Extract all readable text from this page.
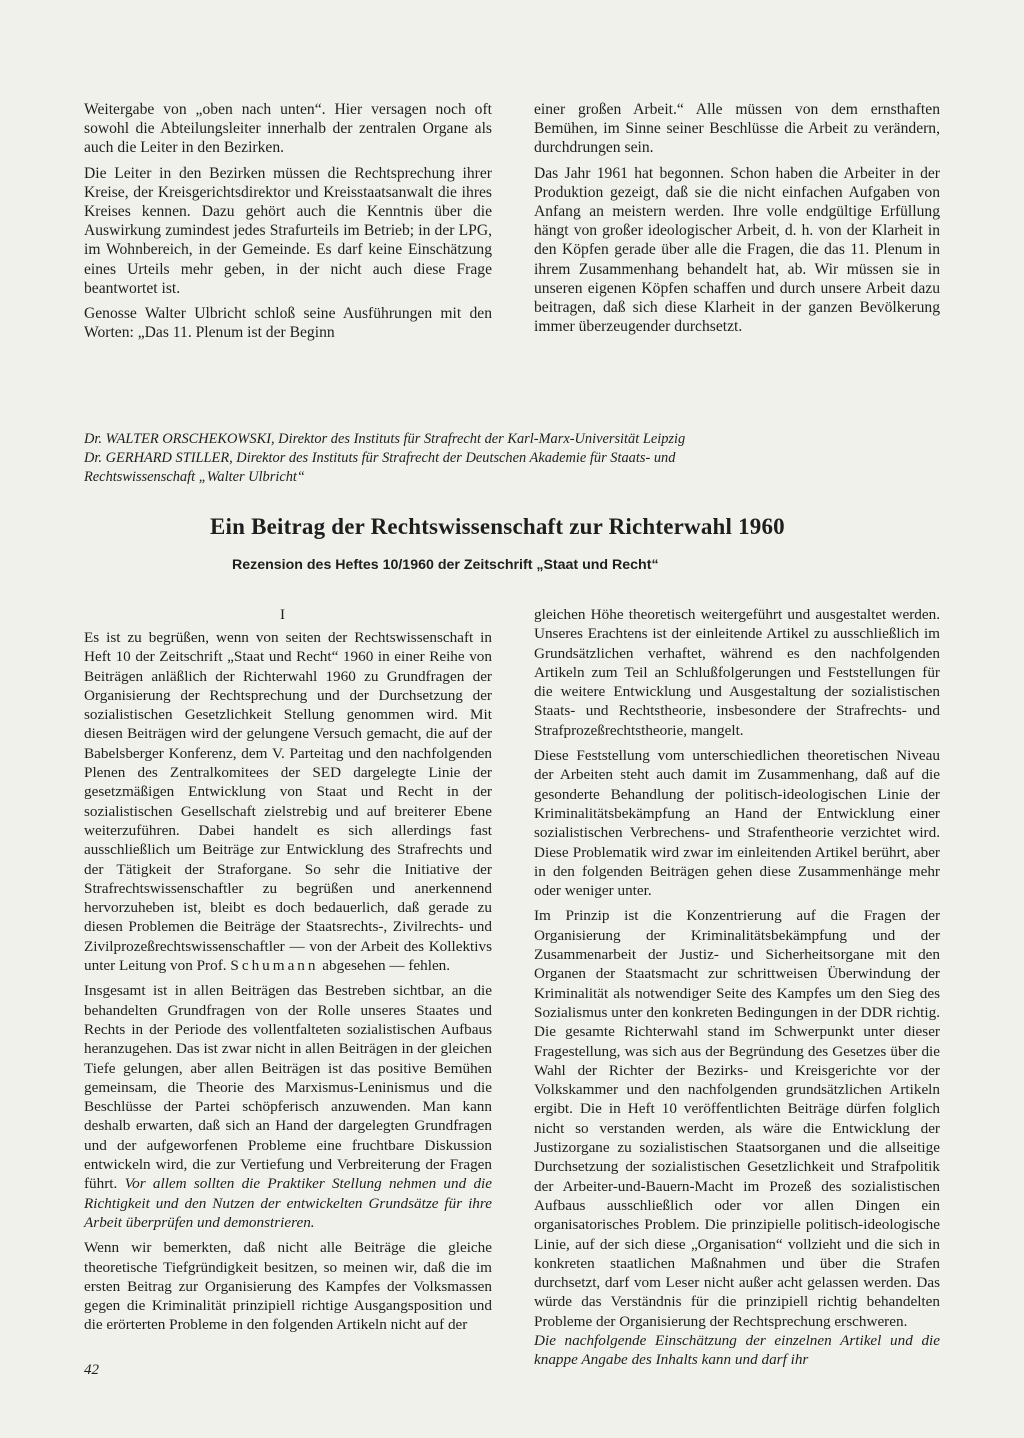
Weitergabe von „oben nach unten“. Hier versagen noch oft sowohl die Abteilungsleiter innerhalb der zentralen Organe als auch die Leiter in den Bezirken.

Die Leiter in den Bezirken müssen die Rechtsprechung ihrer Kreise, der Kreisgerichtsdirektor und Kreisstaatsanwalt die ihres Kreises kennen. Dazu gehört auch die Kenntnis über die Auswirkung zumindest jedes Strafurteils im Betrieb; in der LPG, im Wohnbereich, in der Gemeinde. Es darf keine Einschätzung eines Urteils mehr geben, in der nicht auch diese Frage beantwortet ist.

Genosse Walter Ulbricht schloß seine Ausführungen mit den Worten: „Das 11. Plenum ist der Beginn

einer großen Arbeit.“ Alle müssen von dem ernsthaften Bemühen, im Sinne seiner Beschlüsse die Arbeit zu verändern, durchdrungen sein.

Das Jahr 1961 hat begonnen. Schon haben die Arbeiter in der Produktion gezeigt, daß sie die nicht einfachen Aufgaben von Anfang an meistern werden. Ihre volle endgültige Erfüllung hängt von großer ideologischer Arbeit, d. h. von der Klarheit in den Köpfen gerade über alle die Fragen, die das 11. Plenum in ihrem Zusammenhang behandelt hat, ab. Wir müssen sie in unseren eigenen Köpfen schaffen und durch unsere Arbeit dazu beitragen, daß sich diese Klarheit in der ganzen Bevölkerung immer überzeugender durchsetzt.

Dr. WALTER ORSCHEKOWSKI, Direktor des Instituts für Strafrecht der Karl-Marx-Universität Leipzig
Dr. GERHARD STILLER, Direktor des Instituts für Strafrecht der Deutschen Akademie für Staats- und
Rechtswissenschaft „Walter Ulbricht“
Ein Beitrag der Rechtswissenschaft zur Richterwahl 1960
Rezension des Heftes 10/1960 der Zeitschrift „Staat und Recht“
I

Es ist zu begrüßen, wenn von seiten der Rechtswissenschaft in Heft 10 der Zeitschrift „Staat und Recht“ 1960 in einer Reihe von Beiträgen anläßlich der Richterwahl 1960 zu Grundfragen der Organisierung der Rechtsprechung und der Durchsetzung der sozialistischen Gesetzlichkeit Stellung genommen wird. Mit diesen Beiträgen wird der gelungene Versuch gemacht, die auf der Babelsberger Konferenz, dem V. Parteitag und den nachfolgenden Plenen des Zentralkomitees der SED dargelegte Linie der gesetzmäßigen Entwicklung von Staat und Recht in der sozialistischen Gesellschaft zielstrebig und auf breiterer Ebene weiterzuführen. Dabei handelt es sich allerdings fast ausschließlich um Beiträge zur Entwicklung des Strafrechts und der Tätigkeit der Straforgane. So sehr die Initiative der Strafrechtswissenschaftler zu begrüßen und anerkennend hervorzuheben ist, bleibt es doch bedauerlich, daß gerade zu diesen Problemen die Beiträge der Staatsrechts-, Zivilrechts- und Zivilprozeßrechtswissenschaftler — von der Arbeit des Kollektivs unter Leitung von Prof. Schumann abgesehen — fehlen.

Insgesamt ist in allen Beiträgen das Bestreben sichtbar, an die behandelten Grundfragen von der Rolle unseres Staates und Rechts in der Periode des vollentfalteten sozialistischen Aufbaus heranzugehen. Das ist zwar nicht in allen Beiträgen in der gleichen Tiefe gelungen, aber allen Beiträgen ist das positive Bemühen gemeinsam, die Theorie des Marxismus-Leninismus und die Beschlüsse der Partei schöpferisch anzuwenden. Man kann deshalb erwarten, daß sich an Hand der dargelegten Grundfragen und der aufgeworfenen Probleme eine fruchtbare Diskussion entwickeln wird, die zur Vertiefung und Verbreiterung der Fragen führt. Vor allem sollten die Praktiker Stellung nehmen und die Richtigkeit und den Nutzen der entwickelten Grundsätze für ihre Arbeit überprüfen und demonstrieren.

Wenn wir bemerkten, daß nicht alle Beiträge die gleiche theoretische Tiefgründigkeit besitzen, so meinen wir, daß die im ersten Beitrag zur Organisierung des Kampfes der Volksmassen gegen die Kriminalität prinzipiell richtige Ausgangsposition und die erörterten Probleme in den folgenden Artikeln nicht auf der

gleichen Höhe theoretisch weitergeführt und ausgestaltet werden. Unseres Erachtens ist der einleitende Artikel zu ausschließlich im Grundsätzlichen verhaftet, während es den nachfolgenden Artikeln zum Teil an Schlußfolgerungen und Feststellungen für die weitere Entwicklung und Ausgestaltung der sozialistischen Staats- und Rechtstheorie, insbesondere der Strafrechts- und Strafprozeßrechtstheorie, mangelt.

Diese Feststellung vom unterschiedlichen theoretischen Niveau der Arbeiten steht auch damit im Zusammenhang, daß auf die gesonderte Behandlung der politisch-ideologischen Linie der Kriminalitätsbekämpfung an Hand der Entwicklung einer sozialistischen Verbrechens- und Strafentheorie verzichtet wird. Diese Problematik wird zwar im einleitenden Artikel berührt, aber in den folgenden Beiträgen gehen diese Zusammenhänge mehr oder weniger unter.

Im Prinzip ist die Konzentrierung auf die Fragen der Organisierung der Kriminalitätsbekämpfung und der Zusammenarbeit der Justiz- und Sicherheitsorgane mit den Organen der Staatsmacht zur schrittweisen Überwindung der Kriminalität als notwendiger Seite des Kampfes um den Sieg des Sozialismus unter den konkreten Bedingungen in der DDR richtig. Die gesamte Richterwahl stand im Schwerpunkt unter dieser Fragestellung, was sich aus der Begründung des Gesetzes über die Wahl der Richter der Bezirks- und Kreisgerichte vor der Volkskammer und den nachfolgenden grundsätzlichen Artikeln ergibt. Die in Heft 10 veröffentlichten Beiträge dürfen folglich nicht so verstanden werden, als wäre die Entwicklung der Justizorgane zu sozialistischen Staatsorganen und die allseitige Durchsetzung der sozialistischen Gesetzlichkeit und Strafpolitik der Arbeiter-und-Bauern-Macht im Prozeß des sozialistischen Aufbaus ausschließlich oder vor allen Dingen ein organisatorisches Problem. Die prinzipielle politisch-ideologische Linie, auf der sich diese „Organisation“ vollzieht und die sich in konkreten staatlichen Maßnahmen und über die Strafen durchsetzt, darf vom Leser nicht außer acht gelassen werden. Das würde das Verständnis für die prinzipiell richtig behandelten Probleme der Organisierung der Rechtsprechung erschweren.

Die nachfolgende Einschätzung der einzelnen Artikel und die knappe Angabe des Inhalts kann und darf ihr

42
